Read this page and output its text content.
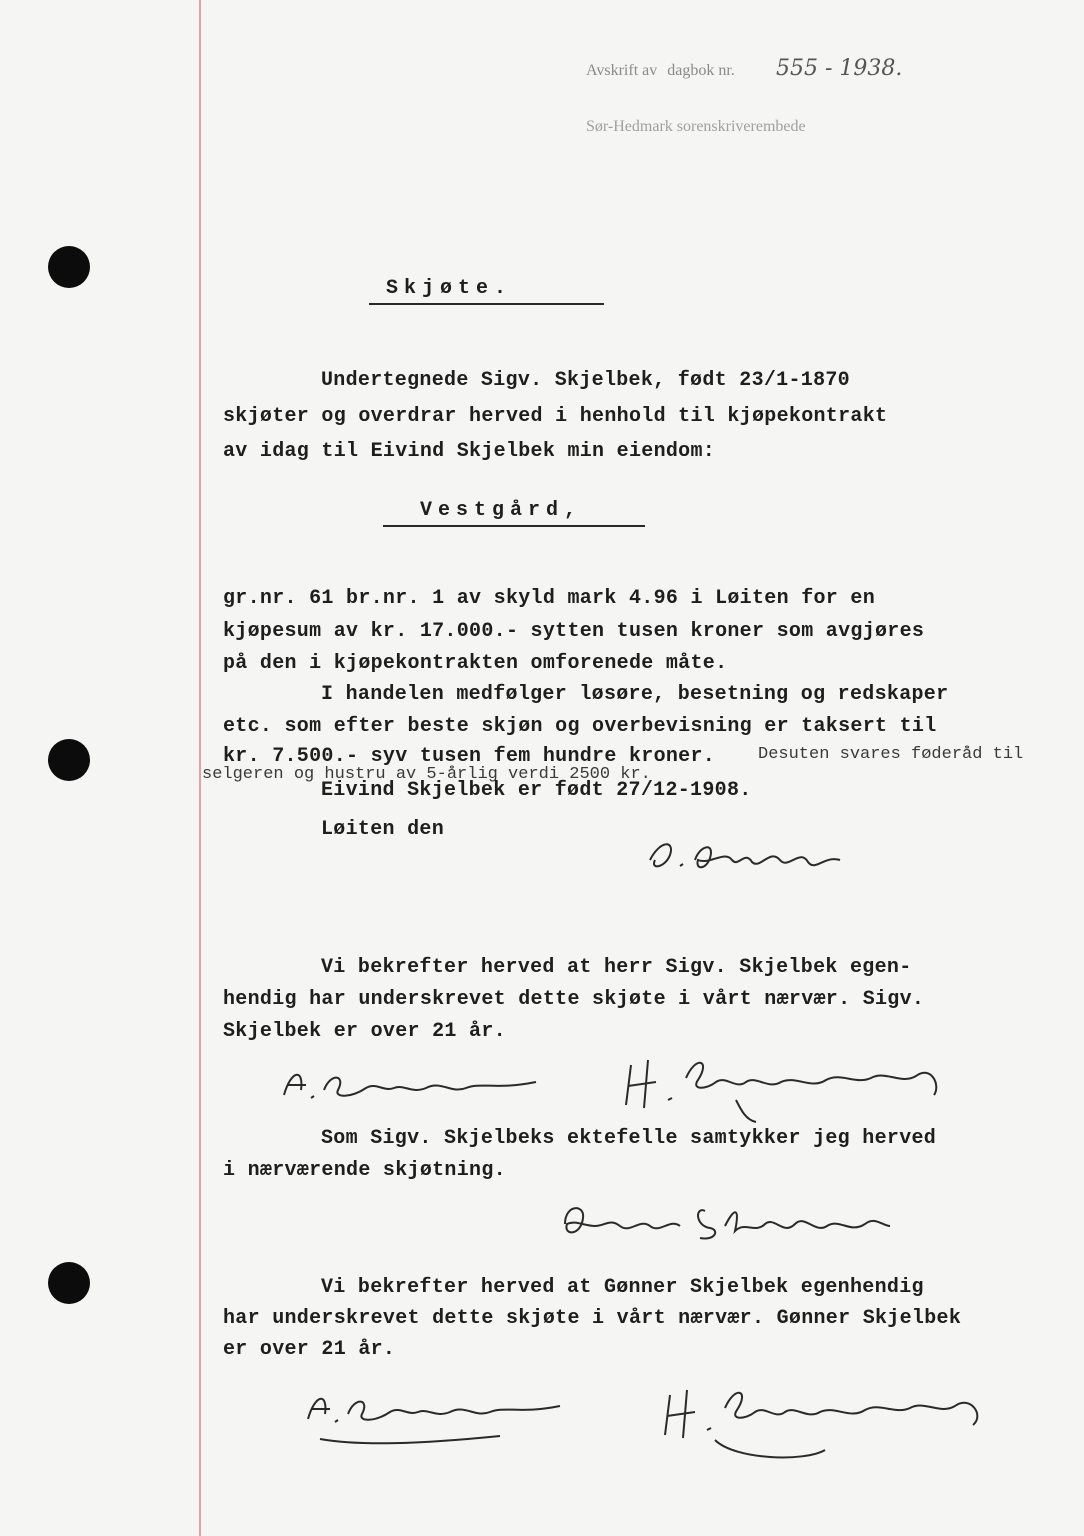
Avskrift av dagbok nr. 555 - 1938.
Sør-Hedmark sorenskriverembede
Skjøte.
Undertegnede Sigv. Skjelbek, født 23/1-1870
skjøter og overdrar herved i henhold til kjøpekontrakt
av idag til Eivind Skjelbek min eiendom:
Vestgård,
gr.nr. 61 br.nr. 1 av skyld mark 4.96 i Løiten for en
kjøpesum av kr. 17.000.- sytten tusen kroner som avgjøres
på den i kjøpekontrakten omforenede måte.
I handelen medfølger løsøre, besetning og redskaper
etc. som efter beste skjøn og overbevisning er taksert til
kr. 7.500.- syv tusen fem hundre kroner.	Desuten svares føderåd til
selgeren og hustru av 5-årlig verdi 2500 kr.
Eivind Skjelbek er født 27/12-1908.
Løiten den
Vi bekrefter herved at herr Sigv. Skjelbek egen-
hendig har underskrevet dette skjøte i vårt nærvær. Sigv.
Skjelbek er over 21 år.
Som Sigv. Skjelbeks ektefelle samtykker jeg herved
i nærværende skjøtning.
Vi bekrefter herved at Gønner Skjelbek egenhendig
har underskrevet dette skjøte i vårt nærvær. Gønner Skjelbek
er over 21 år.
